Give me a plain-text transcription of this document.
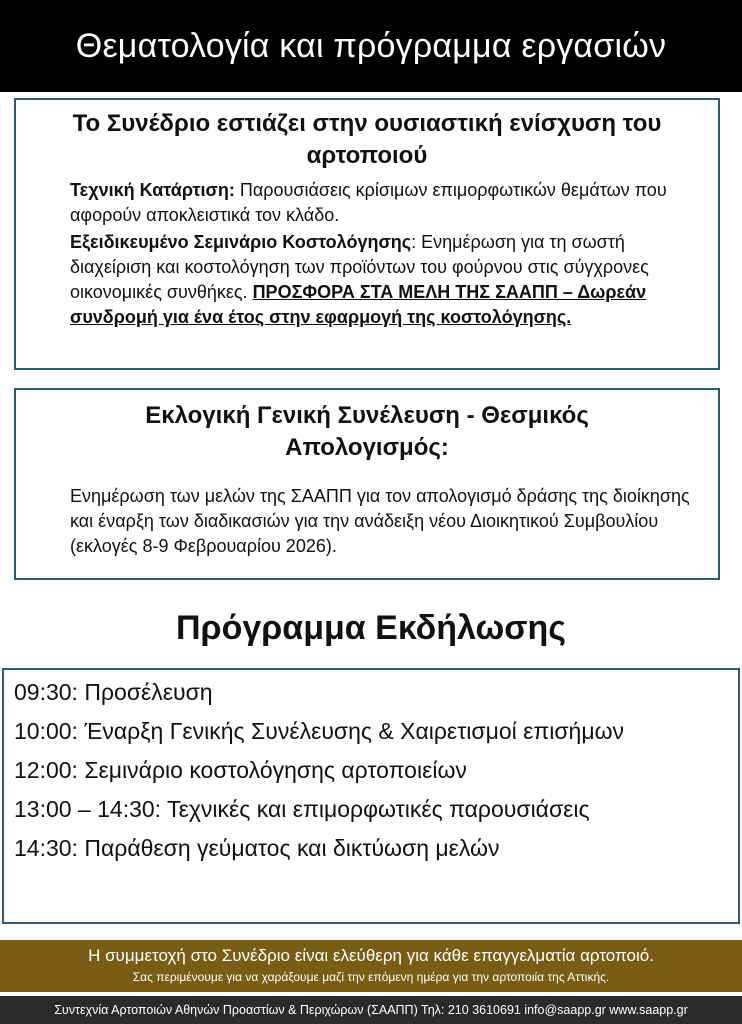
Θεματολογία και πρόγραμμα εργασιών
Το Συνέδριο εστιάζει στην ουσιαστική ενίσχυση του αρτοποιού
Τεχνική Κατάρτιση: Παρουσιάσεις κρίσιμων επιμορφωτικών θεμάτων που αφορούν αποκλειστικά τον κλάδο.
Εξειδικευμένο Σεμινάριο Κοστολόγησης: Ενημέρωση για τη σωστή διαχείριση και κοστολόγηση των προϊόντων του φούρνου στις σύγχρονες οικονομικές συνθήκες. ΠΡΟΣΦΟΡΑ ΣΤΑ ΜΕΛΗ ΤΗΣ ΣΑΑΠΠ – Δωρεάν συνδρομή για ένα έτος στην εφαρμογή της κοστολόγησης.
Εκλογική Γενική Συνέλευση - Θεσμικός
Απολογισμός:
Ενημέρωση των μελών της ΣΑΑΠΠ για τον απολογισμό δράσης της διοίκησης και έναρξη των διαδικασιών για την ανάδειξη νέου Διοικητικού Συμβουλίου (εκλογές 8-9 Φεβρουαρίου 2026).
Πρόγραμμα Εκδήλωσης
09:30: Προσέλευση
10:00: Έναρξη Γενικής Συνέλευσης & Χαιρετισμοί επισήμων
12:00: Σεμινάριο κοστολόγησης αρτοποιείων
13:00 – 14:30: Τεχνικές και επιμορφωτικές παρουσιάσεις
14:30: Παράθεση γεύματος και δικτύωση μελών
Η συμμετοχή στο Συνέδριο είναι ελεύθερη για κάθε επαγγελματία αρτοποιό.
Σας περιμένουμε για να χαράξουμε μαζί την επόμενη ημέρα για την αρτοποιία της Αττικής.
Συντεχνία Αρτοποιών Αθηνών Προαστίων & Περιχώρων (ΣΑΑΠΠ) Τηλ: 210 3610691 info@saapp.gr www.saapp.gr
